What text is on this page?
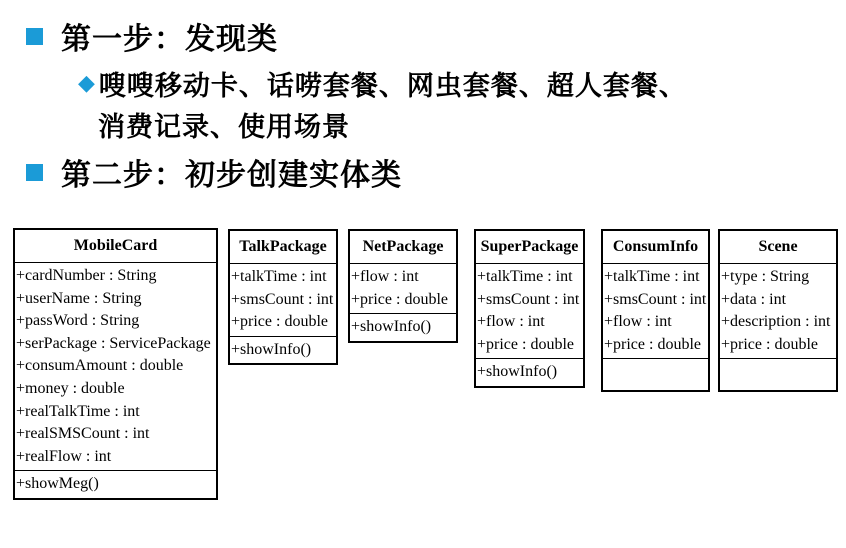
第一步：发现类
◆ 嗖嗖移动卡、话唠套餐、网虫套餐、超人套餐、
消费记录、使用场景
第二步：初步创建实体类
MobileCard
+cardNumber : String
+userName : String
+passWord : String
+serPackage : ServicePackage
+consumAmount : double
+money : double
+realTalkTime : int
+realSMSCount : int
+realFlow : int
+showMeg()
TalkPackage
+talkTime : int
+smsCount : int
+price : double
+showInfo()
NetPackage
+flow : int
+price : double
+showInfo()
SuperPackage
+talkTime : int
+smsCount : int
+flow : int
+price : double
+showInfo()
ConsumInfo
+talkTime : int
+smsCount : int
+flow : int
+price : double
Scene
+type : String
+data : int
+description : int
+price : double
